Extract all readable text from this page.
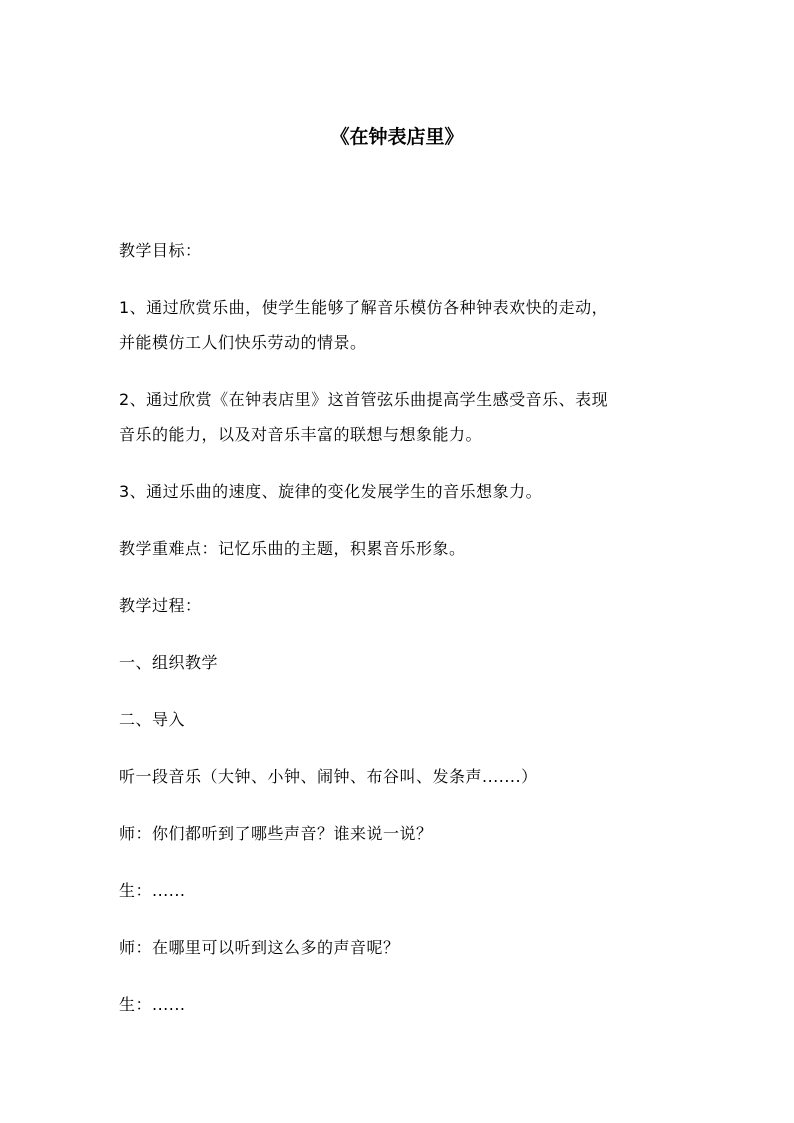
《在钟表店里》

教学目标：

1、通过欣赏乐曲，使学生能够了解音乐模仿各种钟表欢快的走动，

并能模仿工人们快乐劳动的情景。

2、通过欣赏《在钟表店里》这首管弦乐曲提高学生感受音乐、表现

音乐的能力，以及对音乐丰富的联想与想象能力。

3、通过乐曲的速度、旋律的变化发展学生的音乐想象力。

教学重难点：记忆乐曲的主题，积累音乐形象。

教学过程：

一、组织教学

二、导入

听一段音乐（大钟、小钟、闹钟、布谷叫、发条声.......）

师：你们都听到了哪些声音？谁来说一说？

生：......

师：在哪里可以听到这么多的声音呢？

生：......
